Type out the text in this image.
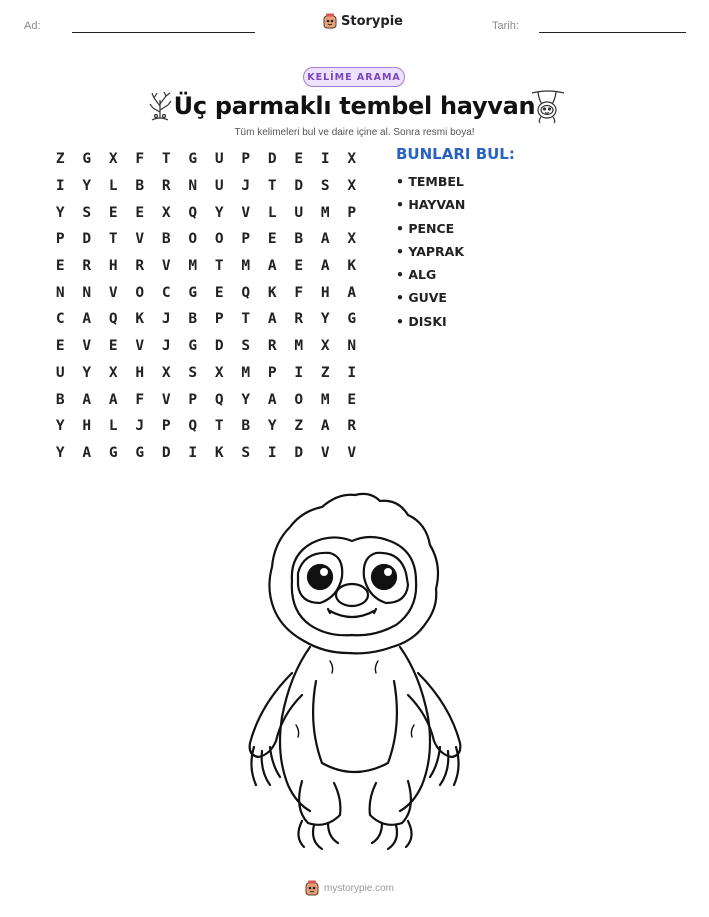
Ad:	Storypie	Tarih:
KELİME ARAMA
Üç parmaklı tembel hayvan
Tüm kelimeleri bul ve daire içine al. Sonra resmi boya!
Z	G	X	F	T	G	U	P	D	E	I	X
I	Y	L	B	R	N	U	J	T	D	S	X
Y	S	E	E	X	Q	Y	V	L	U	M	P
P	D	T	V	B	O	O	P	E	B	A	X
E	R	H	R	V	M	T	M	A	E	A	K
N	N	V	O	C	G	E	Q	K	F	H	A
C	A	Q	K	J	B	P	T	A	R	Y	G
E	V	E	V	J	G	D	S	R	M	X	N
U	Y	X	H	X	S	X	M	P	I	Z	I
B	A	A	F	V	P	Q	Y	A	O	M	E
Y	H	L	J	P	Q	T	B	Y	Z	A	R
Y	A	G	G	D	I	K	S	I	D	V	V
BUNLARI BUL:
• TEMBEL
• HAYVAN
• PENCE
• YAPRAK
• ALG
• GUVE
• DISKI
mystorypie.com
